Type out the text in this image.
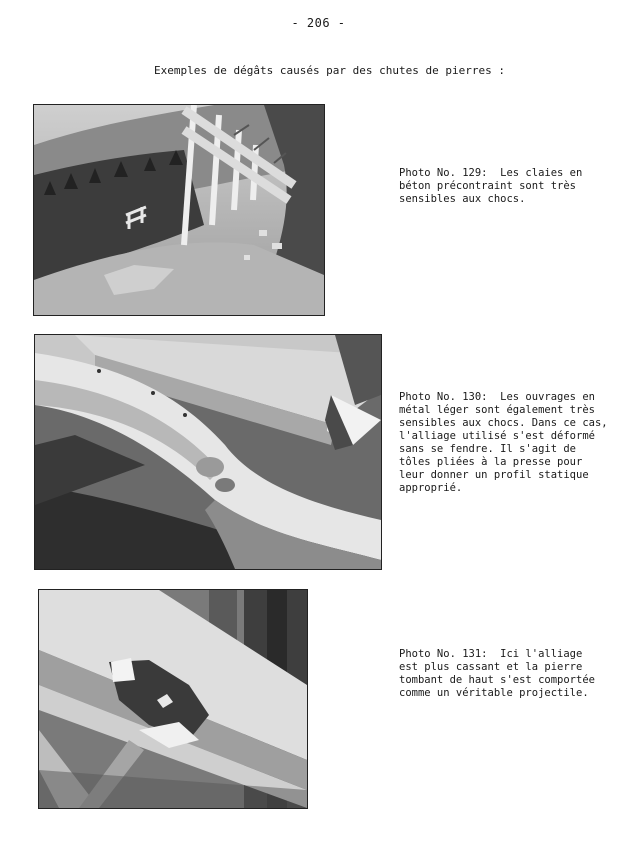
- 206 -
Exemples de dégâts causés par des chutes de pierres :
Photo No. 129:  Les claies en
béton précontraint sont très
sensibles aux chocs.
Photo No. 130:  Les ouvrages en
métal léger sont également très
sensibles aux chocs. Dans ce cas,
l'alliage utilisé s'est déformé
sans se fendre. Il s'agit de
tôles pliées à la presse pour
leur donner un profil statique
approprié.
Photo No. 131:  Ici l'alliage
est plus cassant et la pierre
tombant de haut s'est comportée
comme un véritable projectile.
